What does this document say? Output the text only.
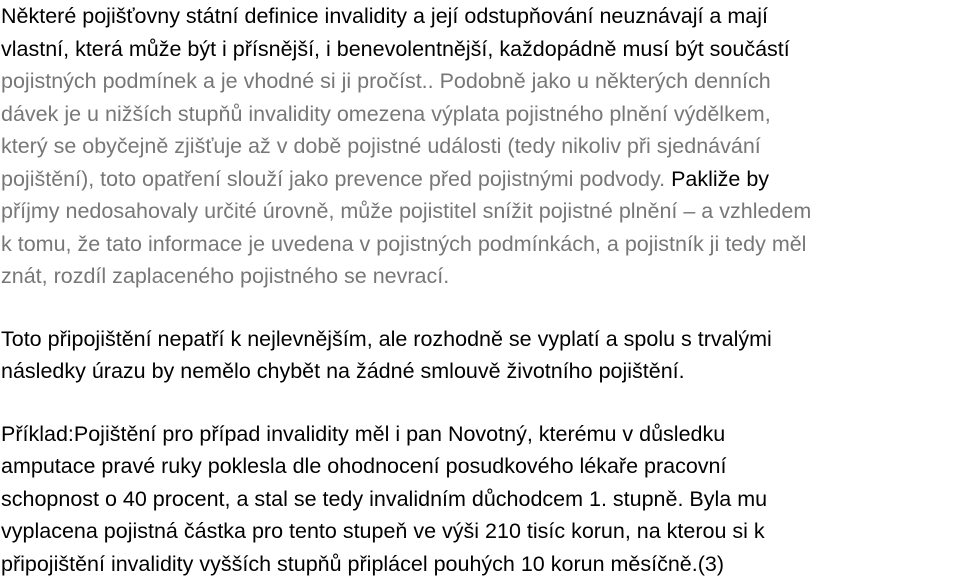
Některé pojišťovny státní definice invalidity a její odstupňování neuznávají a mají
vlastní, která může být i přísnější, i benevolentnější, každopádně musí být součástí
pojistných podmínek a je vhodné si ji pročíst.. Podobně jako u některých denních
dávek je u nižších stupňů invalidity omezena výplata pojistného plnění výdělkem,
který se obyčejně zjišťuje až v době pojistné události (tedy nikoliv při sjednávání
pojištění), toto opatření slouží jako prevence před pojistnými podvody. Pakliže by
příjmy nedosahovaly určité úrovně, může pojistitel snížit pojistné plnění – a vzhledem
k tomu, že tato informace je uvedena v pojistných podmínkách, a pojistník ji tedy měl
znát, rozdíl zaplaceného pojistného se nevrací.
Toto připojištění nepatří k nejlevnějším, ale rozhodně se vyplatí a spolu s trvalými
následky úrazu by nemělo chybět na žádné smlouvě životního pojištění.
Příklad:Pojištění pro případ invalidity měl i pan Novotný, kterému v důsledku
amputace pravé ruky poklesla dle ohodnocení posudkového lékaře pracovní
schopnost o 40 procent, a stal se tedy invalidním důchodcem 1. stupně. Byla mu
vyplacena pojistná částka pro tento stupeň ve výši 210 tisíc korun, na kterou si k
připojištění invalidity vyšších stupňů připlácel pouhých 10 korun měsíčně.(3)
